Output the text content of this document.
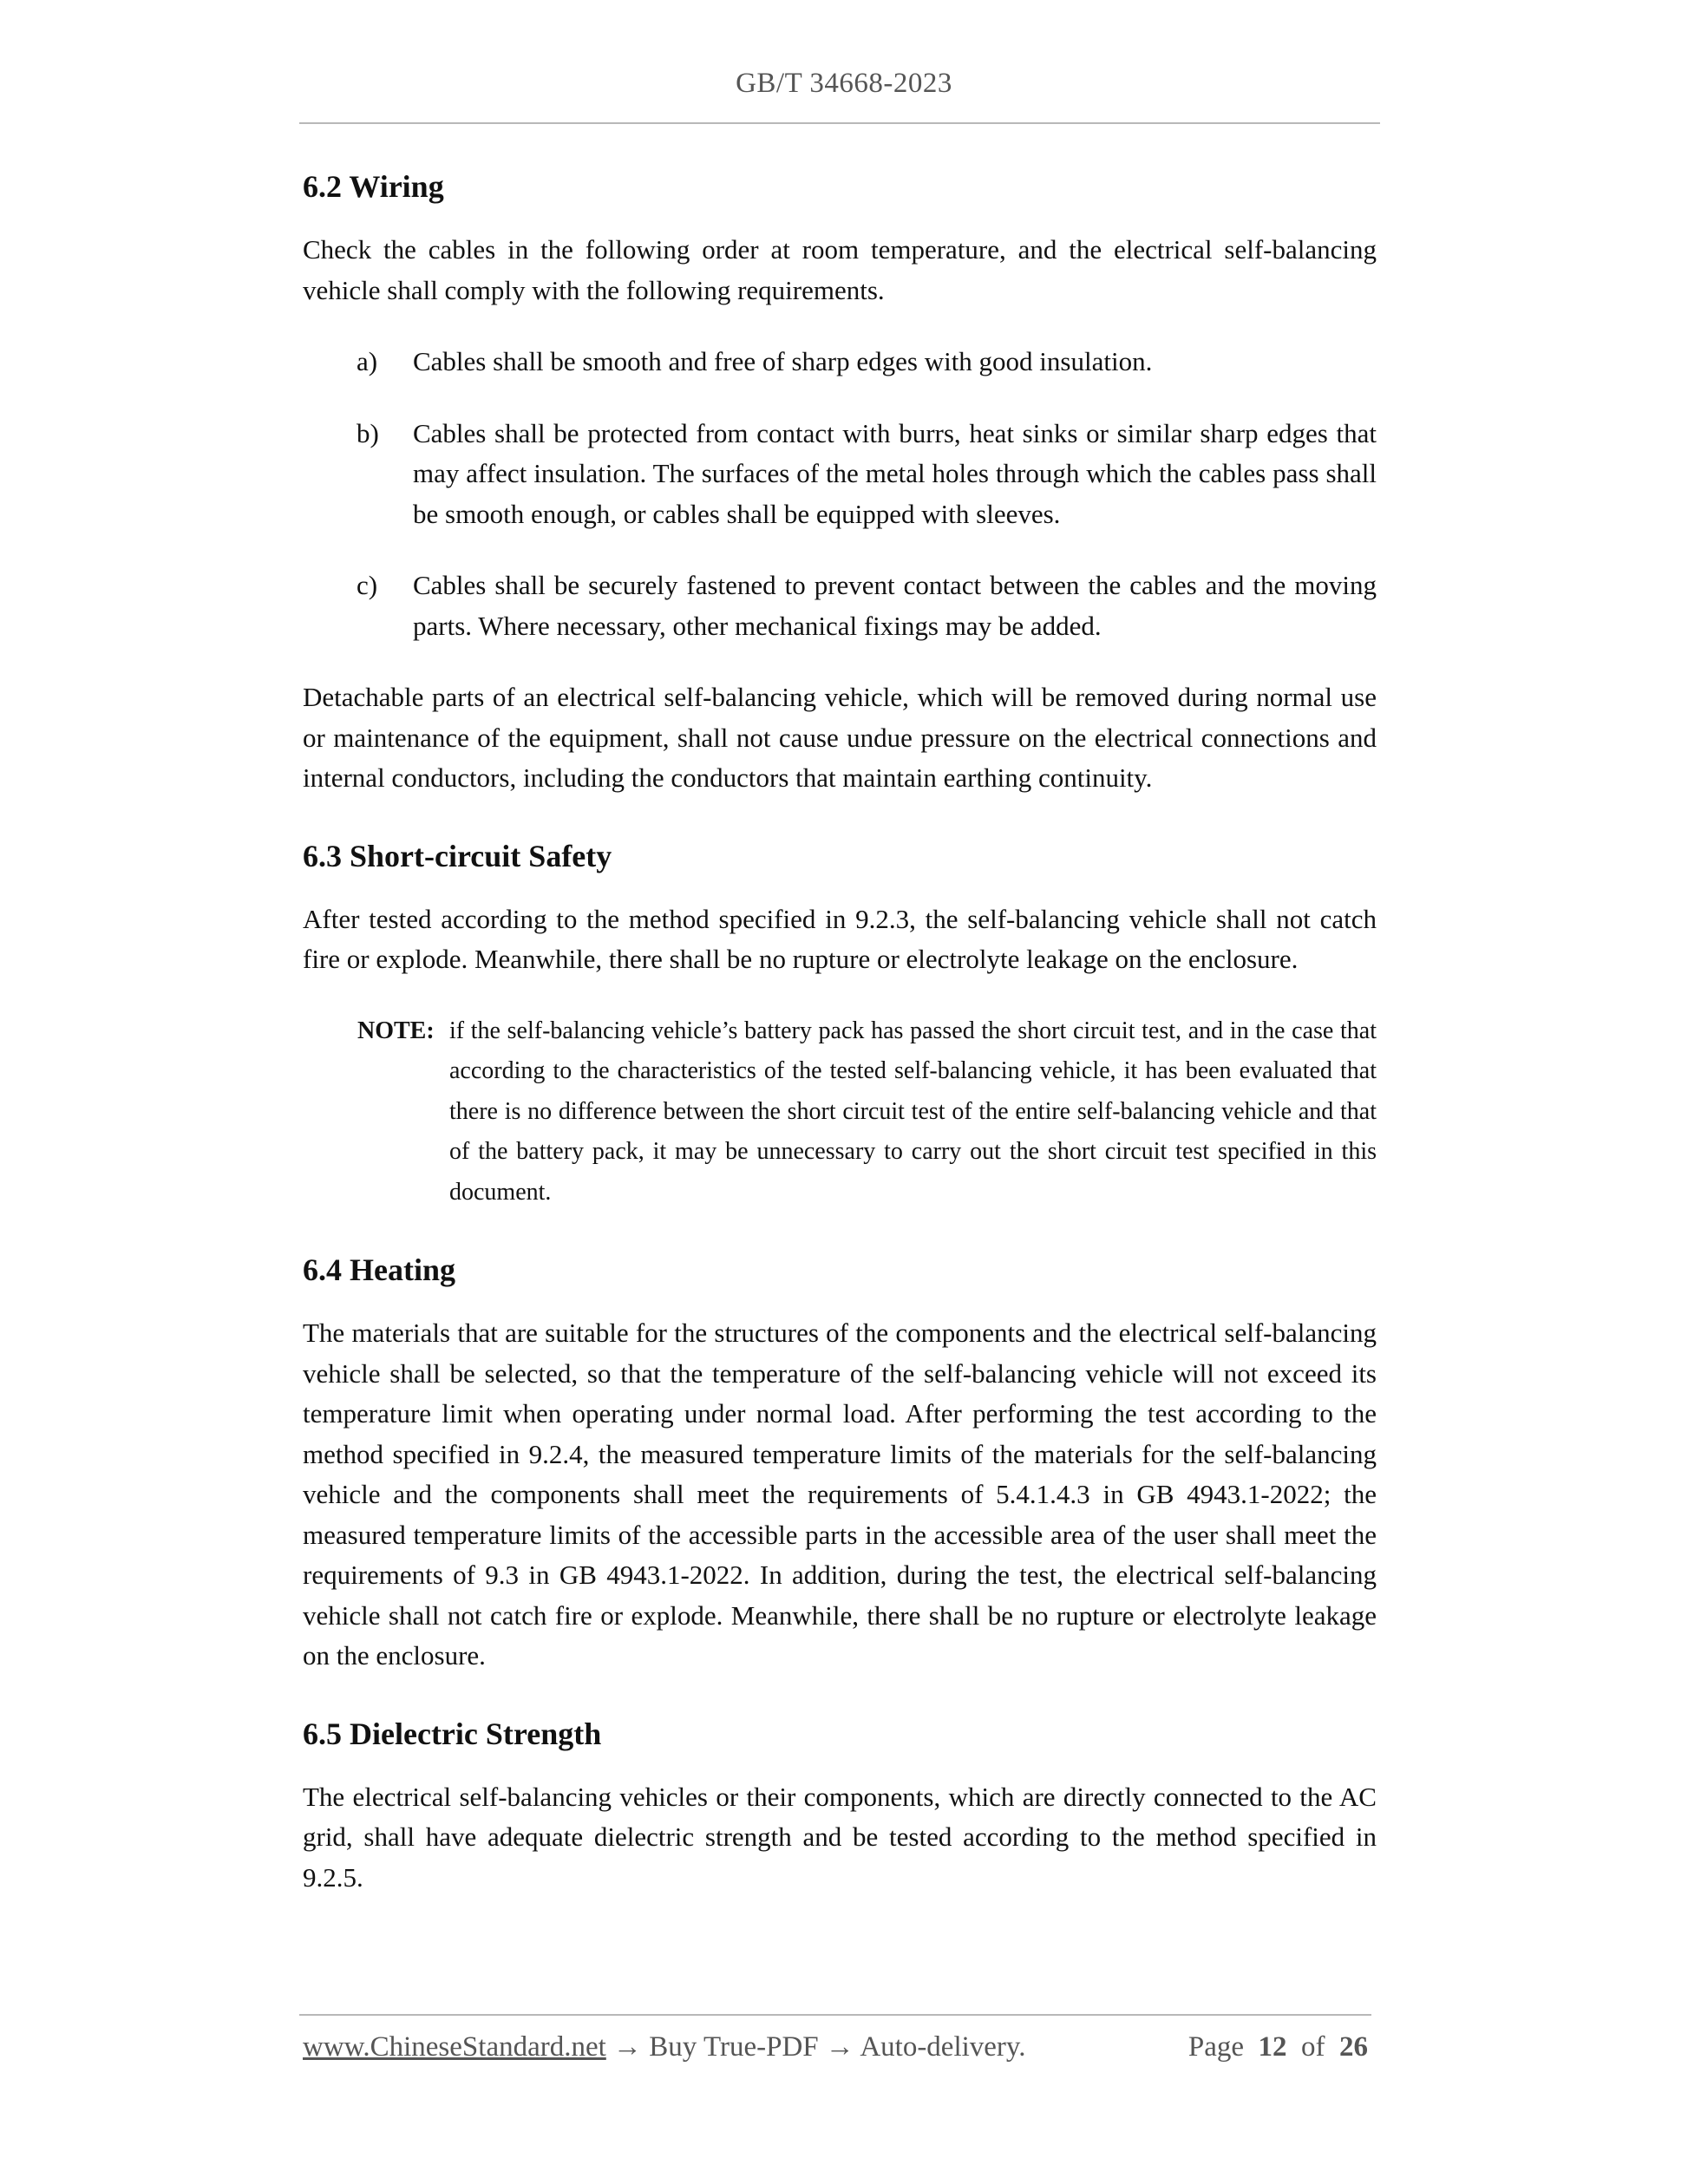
GB/T 34668-2023
6.2 Wiring

Check the cables in the following order at room temperature, and the electrical self-balancing vehicle shall comply with the following requirements.

a) Cables shall be smooth and free of sharp edges with good insulation.
b) Cables shall be protected from contact with burrs, heat sinks or similar sharp edges that may affect insulation. The surfaces of the metal holes through which the cables pass shall be smooth enough, or cables shall be equipped with sleeves.
c) Cables shall be securely fastened to prevent contact between the cables and the moving parts. Where necessary, other mechanical fixings may be added.

Detachable parts of an electrical self-balancing vehicle, which will be removed during normal use or maintenance of the equipment, shall not cause undue pressure on the electrical connections and internal conductors, including the conductors that maintain earthing continuity.

6.3 Short-circuit Safety

After tested according to the method specified in 9.2.3, the self-balancing vehicle shall not catch fire or explode. Meanwhile, there shall be no rupture or electrolyte leakage on the enclosure.

NOTE: if the self-balancing vehicle’s battery pack has passed the short circuit test, and in the case that according to the characteristics of the tested self-balancing vehicle, it has been evaluated that there is no difference between the short circuit test of the entire self-balancing vehicle and that of the battery pack, it may be unnecessary to carry out the short circuit test specified in this document.
6.4 Heating

The materials that are suitable for the structures of the components and the electrical self-balancing vehicle shall be selected, so that the temperature of the self-balancing vehicle will not exceed its temperature limit when operating under normal load. After performing the test according to the method specified in 9.2.4, the measured temperature limits of the materials for the self-balancing vehicle and the components shall meet the requirements of 5.4.1.4.3 in GB 4943.1-2022; the measured temperature limits of the accessible parts in the accessible area of the user shall meet the requirements of 9.3 in GB 4943.1-2022. In addition, during the test, the electrical self-balancing vehicle shall not catch fire or explode. Meanwhile, there shall be no rupture or electrolyte leakage on the enclosure.

6.5 Dielectric Strength

The electrical self-balancing vehicles or their components, which are directly connected to the AC grid, shall have adequate dielectric strength and be tested according to the method specified in 9.2.5.

www.ChineseStandard.net → Buy True-PDF → Auto-delivery.	Page 12 of 26
